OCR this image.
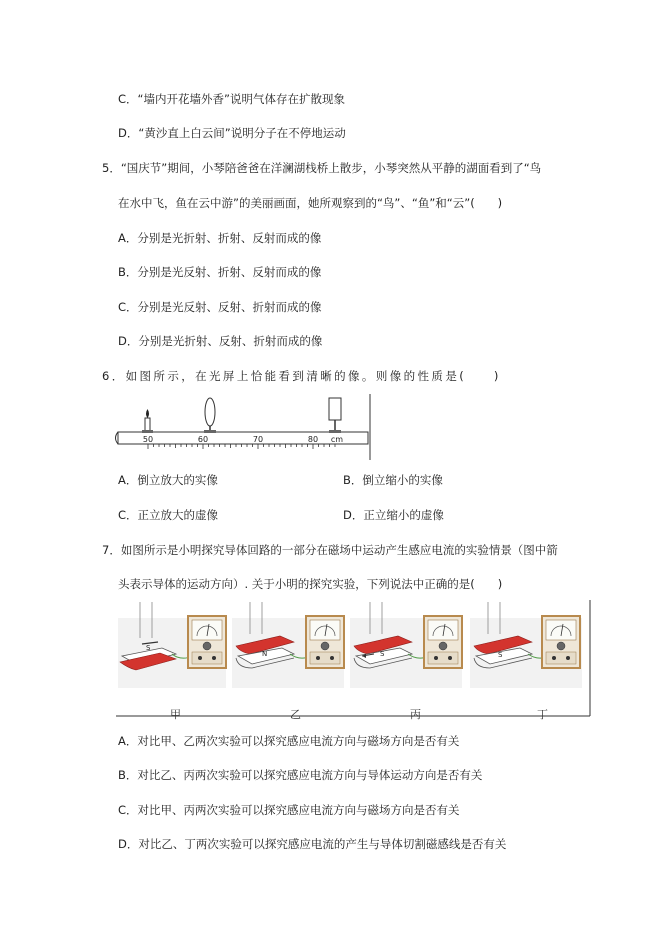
C．“墙内开花墙外香”说明气体存在扩散现象
D．“黄沙直上白云间”说明分子在不停地运动
5．“国庆节”期间，小琴陪爸爸在洋澜湖栈桥上散步，小琴突然从平静的湖面看到了“鸟
在水中飞，鱼在云中游”的美丽画面，她所观察到的“鸟”、“鱼”和“云”(　　)
A．分别是光折射、折射、反射而成的像
B．分别是光反射、折射、反射而成的像
C．分别是光反射、反射、折射而成的像
D．分别是光折射、反射、折射而成的像
6．如图所示，在光屏上恰能看到清晰的像。则像的性质是(　　)
50	60	70	80 cm
A．倒立放大的实像	B．倒立缩小的实像
C．正立放大的虚像	D．正立缩小的虚像
7．如图所示是小明探究导体回路的一部分在磁场中运动产生感应电流的实验情景（图中箭
头表示导体的运动方向）. 关于小明的探究实验，下列说法中正确的是(　　)
S
N	S	S
甲	乙	丙	丁
A．对比甲、乙两次实验可以探究感应电流方向与磁场方向是否有关
B．对比乙、丙两次实验可以探究感应电流方向与导体运动方向是否有关
C．对比甲、丙两次实验可以探究感应电流方向与磁场方向是否有关
D．对比乙、丁两次实验可以探究感应电流的产生与导体切割磁感线是否有关
